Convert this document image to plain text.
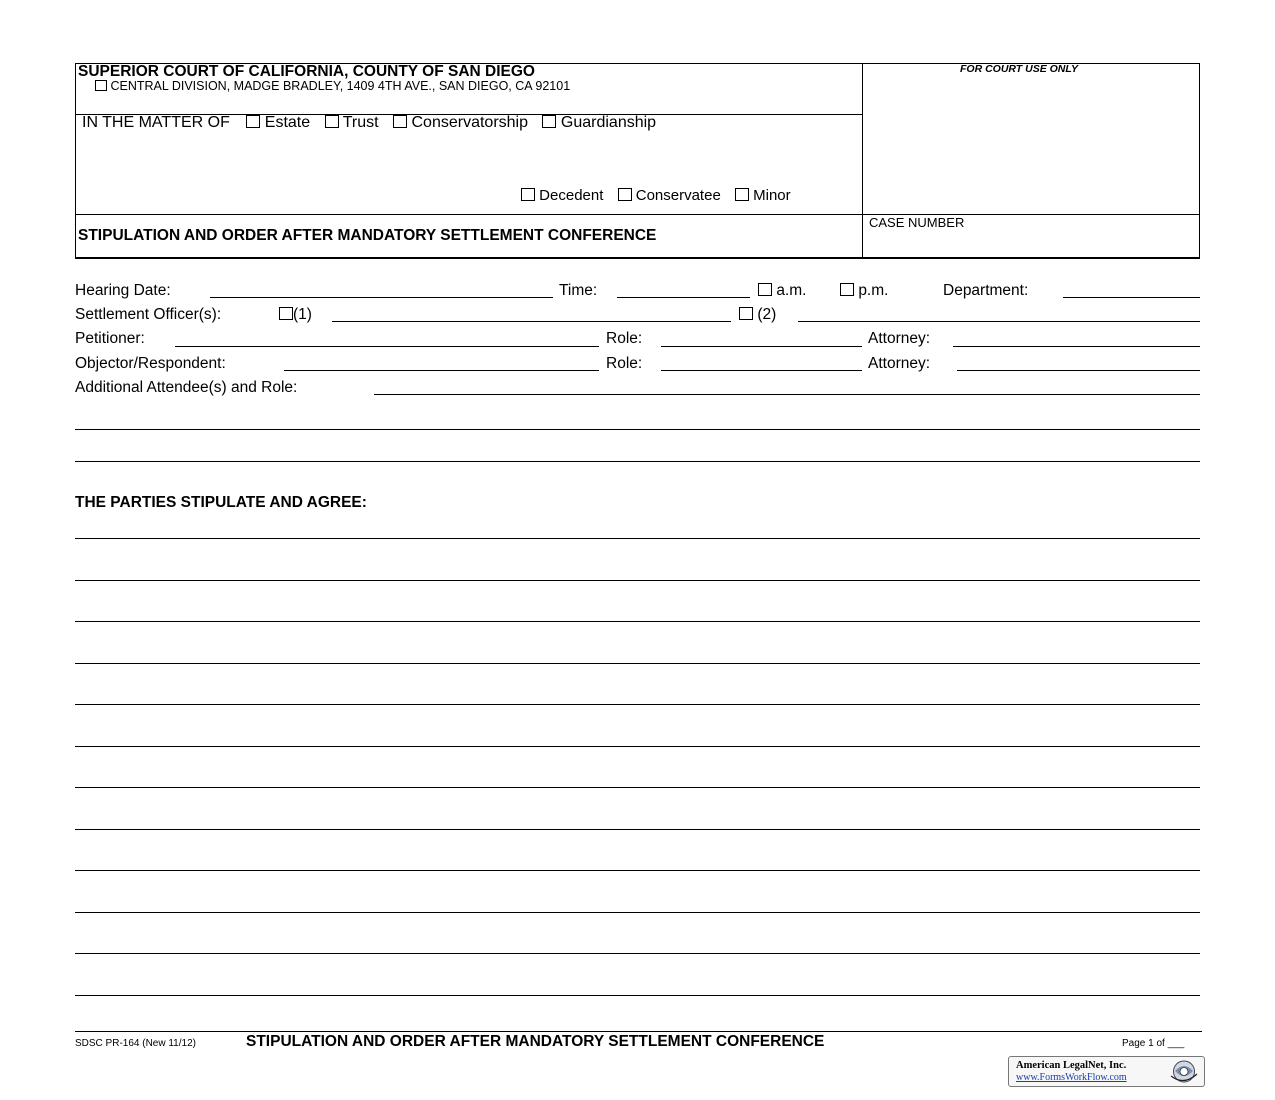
SUPERIOR COURT OF CALIFORNIA, COUNTY OF SAN DIEGO
CENTRAL DIVISION, MADGE BRADLEY, 1409 4TH AVE., SAN DIEGO, CA 92101
FOR COURT USE ONLY
IN THE MATTER OF Estate Trust Conservatorship Guardianship
Decedent Conservatee Minor
STIPULATION AND ORDER AFTER MANDATORY SETTLEMENT CONFERENCE
CASE NUMBER
Hearing Date:	Time:	a.m.	p.m.	Department:
Settlement Officer(s):	(1)	(2)
Petitioner:	Role:	Attorney:
Objector/Respondent:	Role:	Attorney:
Additional Attendee(s) and Role:
THE PARTIES STIPULATE AND AGREE:
SDSC PR-164 (New 11/12)	STIPULATION AND ORDER AFTER MANDATORY SETTLEMENT CONFERENCE	Page 1 of ___
American LegalNet, Inc.
www.FormsWorkFlow.com
